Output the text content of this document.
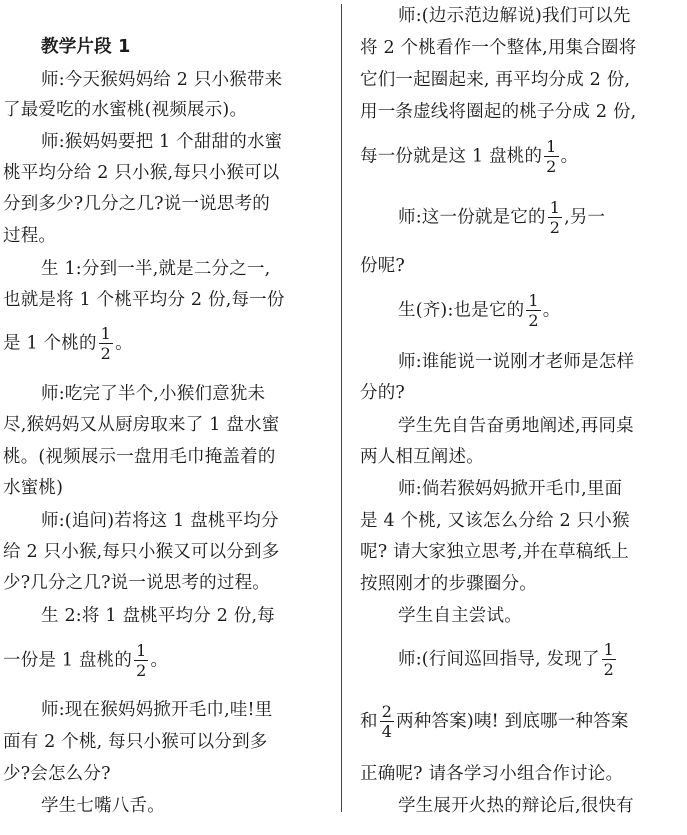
教学片段 1
师:今天猴妈妈给 2 只小猴带来
了最爱吃的水蜜桃(视频展示)。
师:猴妈妈要把 1 个甜甜的水蜜
桃平均分给 2 只小猴,每只小猴可以
分到多少?几分之几?说一说思考的
过程。
生 1:分到一半,就是二分之一,
也就是将 1 个桃平均分 2 份,每一份
是 1 个桃的 $\frac{1}{2}$ 。
师:吃完了半个,小猴们意犹未
尽,猴妈妈又从厨房取来了 1 盘水蜜
桃。(视频展示一盘用毛巾掩盖着的
水蜜桃)
师:(追问)若将这 1 盘桃平均分
给 2 只小猴,每只小猴又可以分到多
少?几分之几?说一说思考的过程。
生 2:将 1 盘桃平均分 2 份,每
一份是 1 盘桃的 $\frac{1}{2}$ 。
师:现在猴妈妈掀开毛巾,哇!里
面有 2 个桃, 每只小猴可以分到多
少?会怎么分?
学生七嘴八舌。
师:(边示范边解说)我们可以先
将 2 个桃看作一个整体,用集合圈将
它们一起圈起来, 再平均分成 2 份,
用一条虚线将圈起的桃子分成 2 份,
每一份就是这 1 盘桃的 $\frac{1}{2}$ 。
师:这一份就是它的 $\frac{1}{2}$ ,另一
份呢?
生(齐):也是它的 $\frac{1}{2}$ 。
师:谁能说一说刚才老师是怎样
分的?
学生先自告奋勇地阐述,再同桌
两人相互阐述。
师:倘若猴妈妈掀开毛巾,里面
是 4 个桃, 又该怎么分给 2 只小猴
呢? 请大家独立思考,并在草稿纸上
按照刚才的步骤圈分。
学生自主尝试。
师:(行间巡回指导, 发现了 $\frac{1}{2}$
和 $\frac{2}{4}$ 两种答案)咦! 到底哪一种答案
正确呢? 请各学习小组合作讨论。
学生展开火热的辩论后,很快有
